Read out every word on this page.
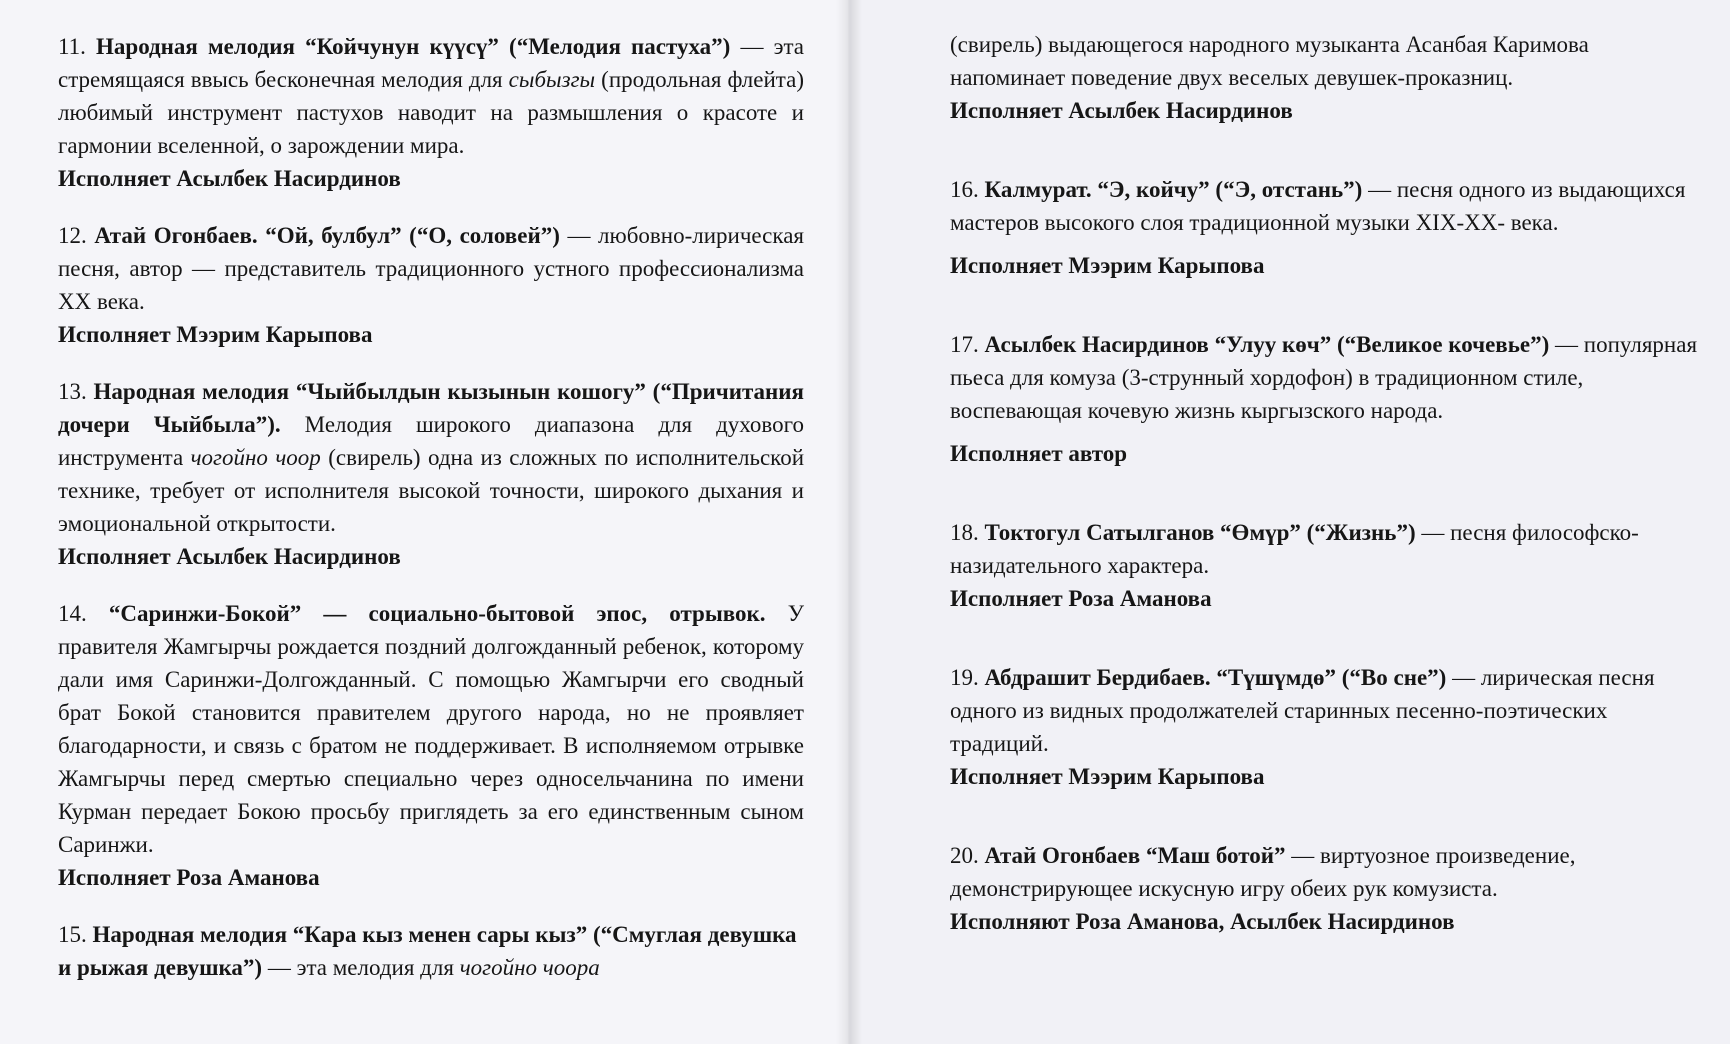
11. Народная мелодия “Койчунун күүсү” (“Мелодия пастуха”) — эта стремящаяся ввысь бесконечная мелодия для сыбызгы (продольная флейта) любимый инструмент пастухов наводит на размышления о красоте и гармонии вселенной, о зарождении мира.

Исполняет Асылбек Насирдинов

12. Атай Огонбаев. “Ой, булбул” (“О, соловей”) — любовно-лирическая песня, автор — представитель традиционного устного профессионализма XX века.

Исполняет Мээрим Карыпова

13. Народная мелодия “Чыйбылдын кызынын кошогу” (“Причитания дочери Чыйбыла”). Мелодия широкого диапазона для духового инструмента чогойно чоор (свирель) одна из сложных по исполнительской технике, требует от исполнителя высокой точности, широкого дыхания и эмоциональной открытости.

Исполняет Асылбек Насирдинов

14. “Саринжи-Бокой” — социально-бытовой эпос, отрывок. У правителя Жамгырчы рождается поздний долгожданный ребенок, которому дали имя Саринжи-Долгожданный. С помощью Жамгырчи его сводный брат Бокой становится правителем другого народа, но не проявляет благодарности, и связь с братом не поддерживает. В исполняемом отрывке Жамгырчы перед смертью специально через односельчанина по имени Курман передает Бокою просьбу приглядеть за его единственным сыном Саринжи.

Исполняет Роза Аманова

15. Народная мелодия “Кара кыз менен сары кыз” (“Смуглая девушка и рыжая девушка”) — эта мелодия для чогойно чоора

(свирель) выдающегося народного музыканта Асанбая Каримова напоминает поведение двух веселых девушек-проказниц.

Исполняет Асылбек Насирдинов

16. Калмурат. “Э, койчу” (“Э, отстань”) — песня одного из выдающихся мастеров высокого слоя традиционной музыки XIX-XX- века.

Исполняет Мээрим Карыпова

17. Асылбек Насирдинов “Улуу көч” (“Великое кочевье”) — популярная пьеса для комуза (3-струнный хордофон) в традиционном стиле, воспевающая кочевую жизнь кыргызского народа.

Исполняет автор

18. Токтогул Сатылганов “Өмүр” (“Жизнь”) — песня философско-назидательного характера.

Исполняет Роза Аманова

19. Абдрашит Бердибаев. “Түшүмдө” (“Во сне”) — лирическая песня одного из видных продолжателей старинных песенно-поэтических традиций.

Исполняет Мээрим Карыпова

20. Атай Огонбаев “Маш ботой” — виртуозное произведение, демонстрирующее искусную игру обеих рук комузиста.

Исполняют Роза Аманова, Асылбек Насирдинов
